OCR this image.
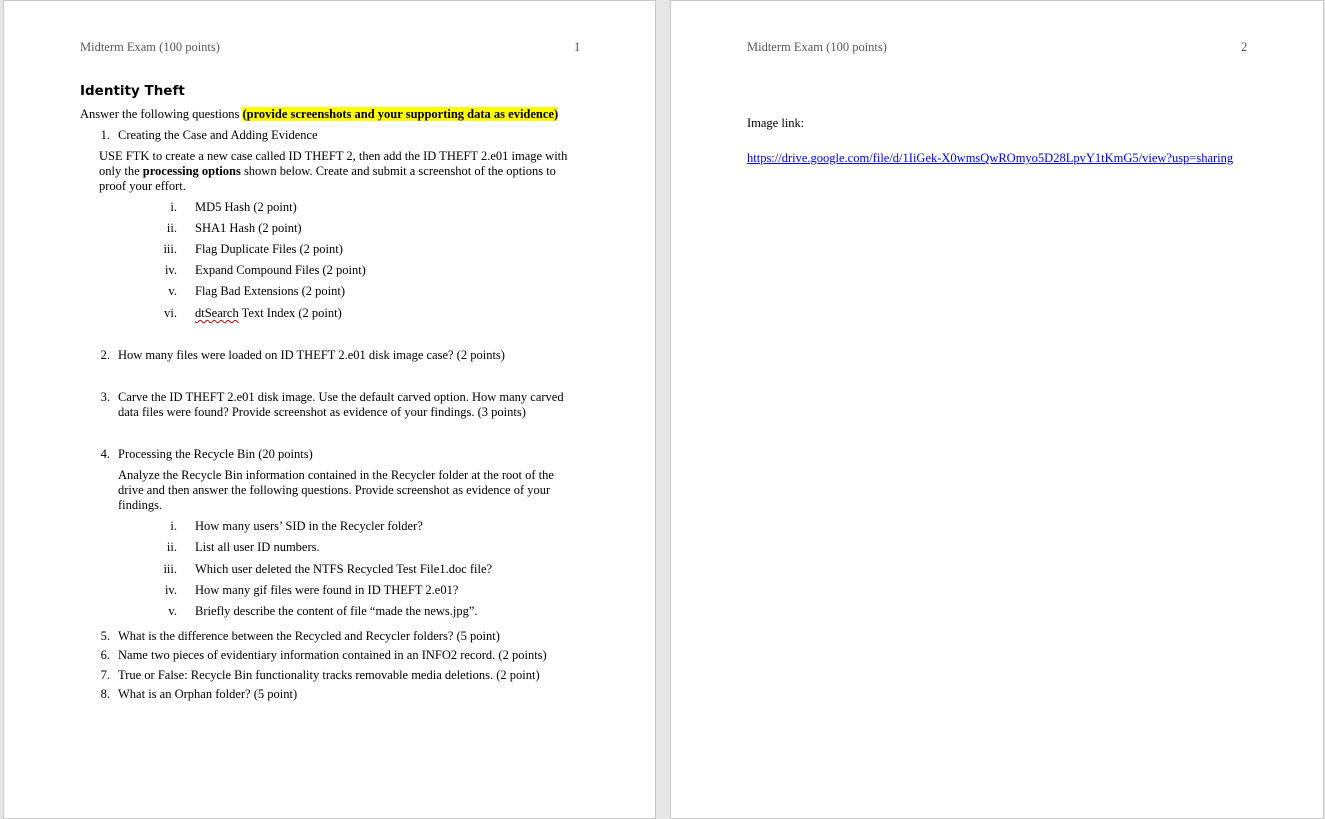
Midterm Exam (100 points)	1
Identity Theft
Answer the following questions (provide screenshots and your supporting data as evidence)
1. Creating the Case and Adding Evidence
USE FTK to create a new case called ID THEFT 2, then add the ID THEFT 2.e01 image with only the processing options shown below. Create and submit a screenshot of the options to proof your effort.
i. MD5 Hash (2 point)
ii. SHA1 Hash (2 point)
iii. Flag Duplicate Files (2 point)
iv. Expand Compound Files (2 point)
v. Flag Bad Extensions (2 point)
vi. dtSearch Text Index (2 point)
2. How many files were loaded on ID THEFT 2.e01 disk image case? (2 points)
3. Carve the ID THEFT 2.e01 disk image. Use the default carved option. How many carved
data files were found? Provide screenshot as evidence of your findings. (3 points)
4. Processing the Recycle Bin (20 points)
Analyze the Recycle Bin information contained in the Recycler folder at the root of the
drive and then answer the following questions. Provide screenshot as evidence of your
findings.
i. How many users’ SID in the Recycler folder?
ii. List all user ID numbers.
iii. Which user deleted the NTFS Recycled Test File1.doc file?
iv. How many gif files were found in ID THEFT 2.e01?
v. Briefly describe the content of file “made the news.jpg”.
5. What is the difference between the Recycled and Recycler folders? (5 point)
6. Name two pieces of evidentiary information contained in an INFO2 record. (2 points)
7. True or False: Recycle Bin functionality tracks removable media deletions. (2 point)
8. What is an Orphan folder? (5 point)
Midterm Exam (100 points)	2
Image link:
https://drive.google.com/file/d/1IiGek-X0wmsQwROmyo5D28LpvY1tKmG5/view?usp=sharing
